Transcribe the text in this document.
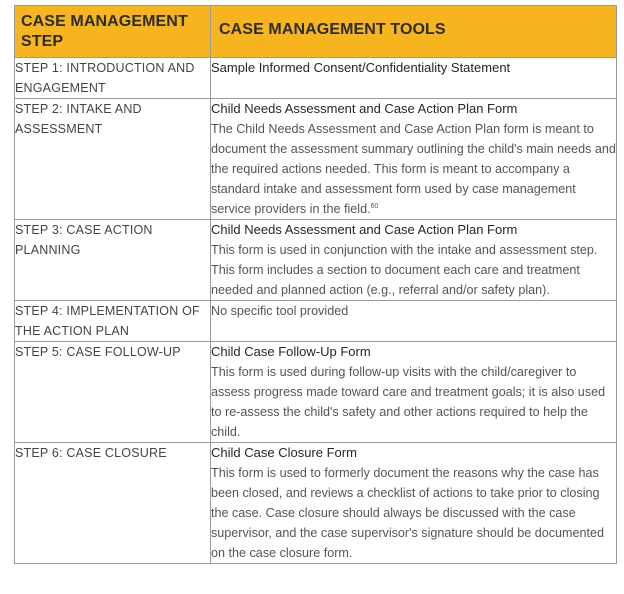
CASE MANAGEMENT STEP	CASE MANAGEMENT TOOLS
STEP 1: INTRODUCTION AND ENGAGEMENT	Sample Informed Consent/Confidentiality Statement

STEP 2: INTAKE AND ASSESSMENT	Child Needs Assessment and Case Action Plan Form
The Child Needs Assessment and Case Action Plan form is meant to document the assessment summary outlining the child's main needs and the required actions needed. This form is meant to accompany a standard intake and assessment form used by case management service providers in the field.$^{60}$

STEP 3: CASE ACTION PLANNING	Child Needs Assessment and Case Action Plan Form
This form is used in conjunction with the intake and assessment step. This form includes a section to document each care and treatment needed and planned action (e.g., referral and/or safety plan).

STEP 4: IMPLEMENTATION OF THE ACTION PLAN	No specific tool provided

STEP 5: CASE FOLLOW-UP	Child Case Follow-Up Form
This form is used during follow-up visits with the child/caregiver to assess progress made toward care and treatment goals; it is also used to re-assess the child's safety and other actions required to help the child.

STEP 6: CASE CLOSURE	Child Case Closure Form
This form is used to formerly document the reasons why the case has been closed, and reviews a checklist of actions to take prior to closing the case. Case closure should always be discussed with the case supervisor, and the case supervisor's signature should be documented on the case closure form.
